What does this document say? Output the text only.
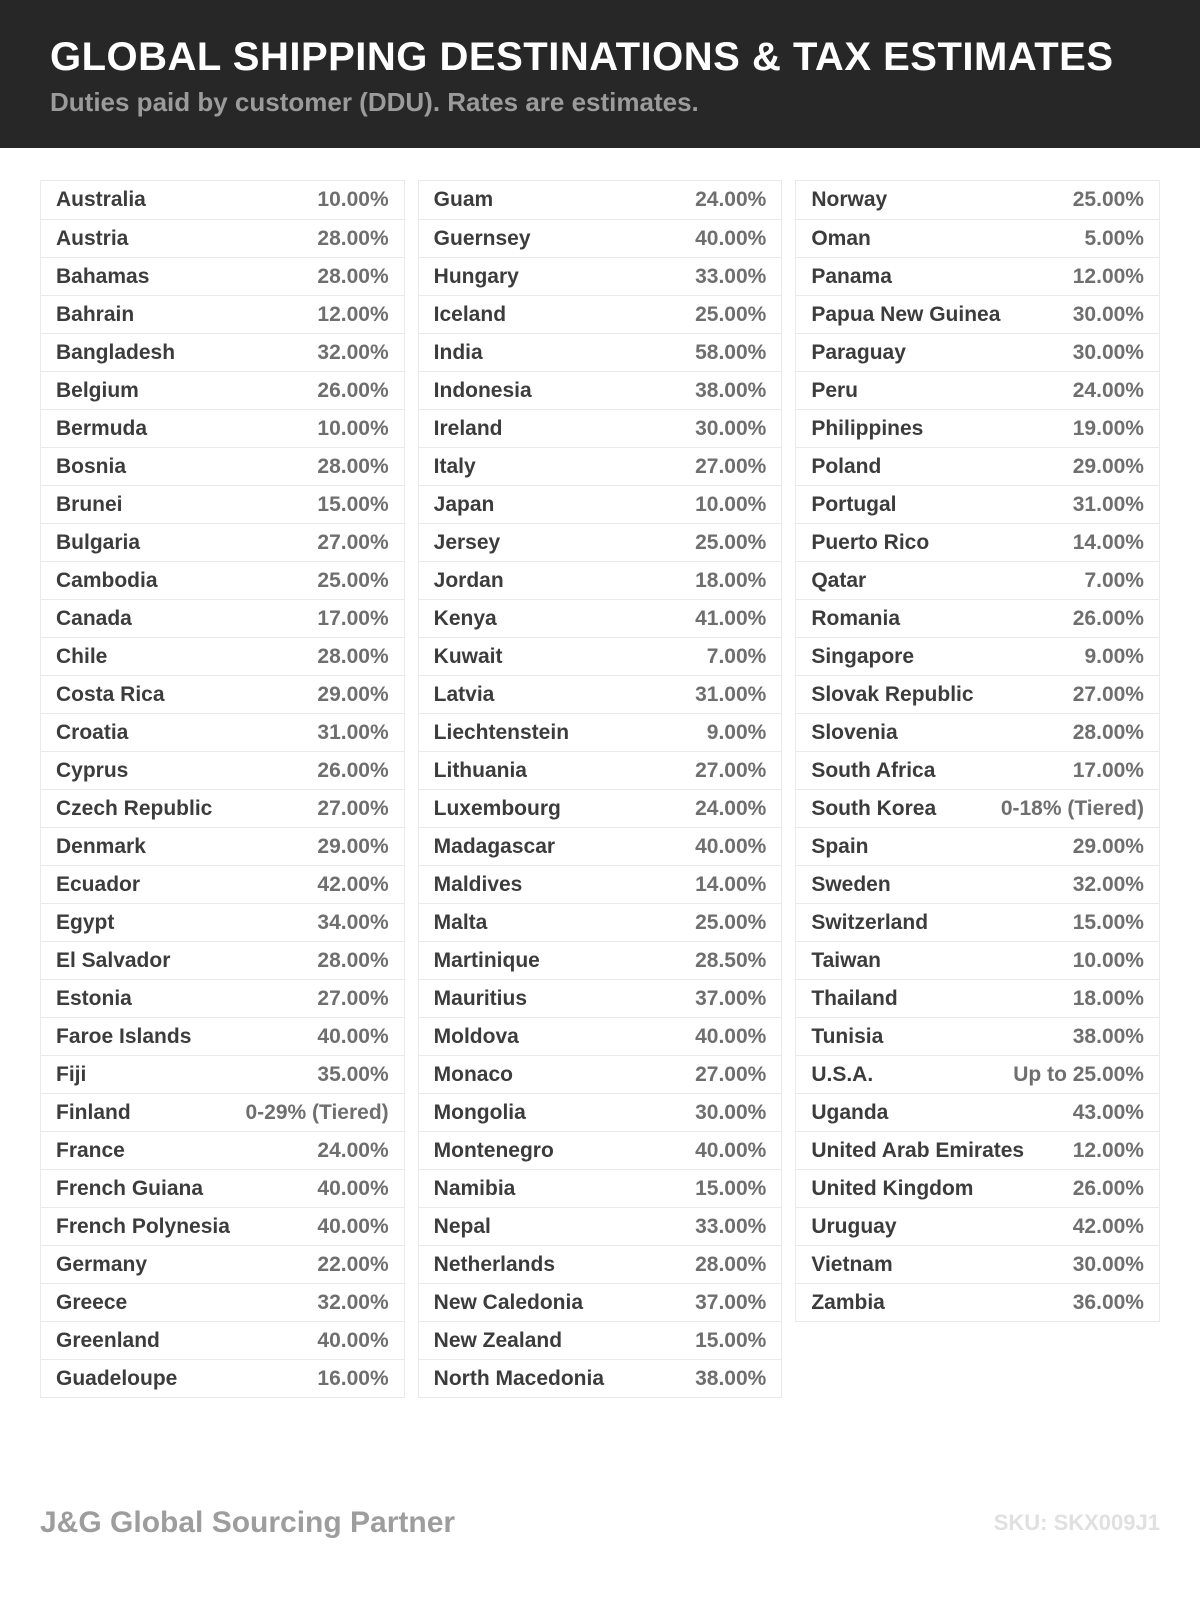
GLOBAL SHIPPING DESTINATIONS & TAX ESTIMATES
Duties paid by customer (DDU). Rates are estimates.
Australia	10.00%
Austria	28.00%
Bahamas	28.00%
Bahrain	12.00%
Bangladesh	32.00%
Belgium	26.00%
Bermuda	10.00%
Bosnia	28.00%
Brunei	15.00%
Bulgaria	27.00%
Cambodia	25.00%
Canada	17.00%
Chile	28.00%
Costa Rica	29.00%
Croatia	31.00%
Cyprus	26.00%
Czech Republic	27.00%
Denmark	29.00%
Ecuador	42.00%
Egypt	34.00%
El Salvador	28.00%
Estonia	27.00%
Faroe Islands	40.00%
Fiji	35.00%
Finland	0-29% (Tiered)
France	24.00%
French Guiana	40.00%
French Polynesia	40.00%
Germany	22.00%
Greece	32.00%
Greenland	40.00%
Guadeloupe	16.00%
Guam	24.00%
Guernsey	40.00%
Hungary	33.00%
Iceland	25.00%
India	58.00%
Indonesia	38.00%
Ireland	30.00%
Italy	27.00%
Japan	10.00%
Jersey	25.00%
Jordan	18.00%
Kenya	41.00%
Kuwait	7.00%
Latvia	31.00%
Liechtenstein	9.00%
Lithuania	27.00%
Luxembourg	24.00%
Madagascar	40.00%
Maldives	14.00%
Malta	25.00%
Martinique	28.50%
Mauritius	37.00%
Moldova	40.00%
Monaco	27.00%
Mongolia	30.00%
Montenegro	40.00%
Namibia	15.00%
Nepal	33.00%
Netherlands	28.00%
New Caledonia	37.00%
New Zealand	15.00%
North Macedonia	38.00%
Norway	25.00%
Oman	5.00%
Panama	12.00%
Papua New Guinea	30.00%
Paraguay	30.00%
Peru	24.00%
Philippines	19.00%
Poland	29.00%
Portugal	31.00%
Puerto Rico	14.00%
Qatar	7.00%
Romania	26.00%
Singapore	9.00%
Slovak Republic	27.00%
Slovenia	28.00%
South Africa	17.00%
South Korea	0-18% (Tiered)
Spain	29.00%
Sweden	32.00%
Switzerland	15.00%
Taiwan	10.00%
Thailand	18.00%
Tunisia	38.00%
U.S.A.	Up to 25.00%
Uganda	43.00%
United Arab Emirates 12.00%
United Kingdom	26.00%
Uruguay	42.00%
Vietnam	30.00%
Zambia	36.00%
J&G Global Sourcing Partner	SKU: SKX009J1
